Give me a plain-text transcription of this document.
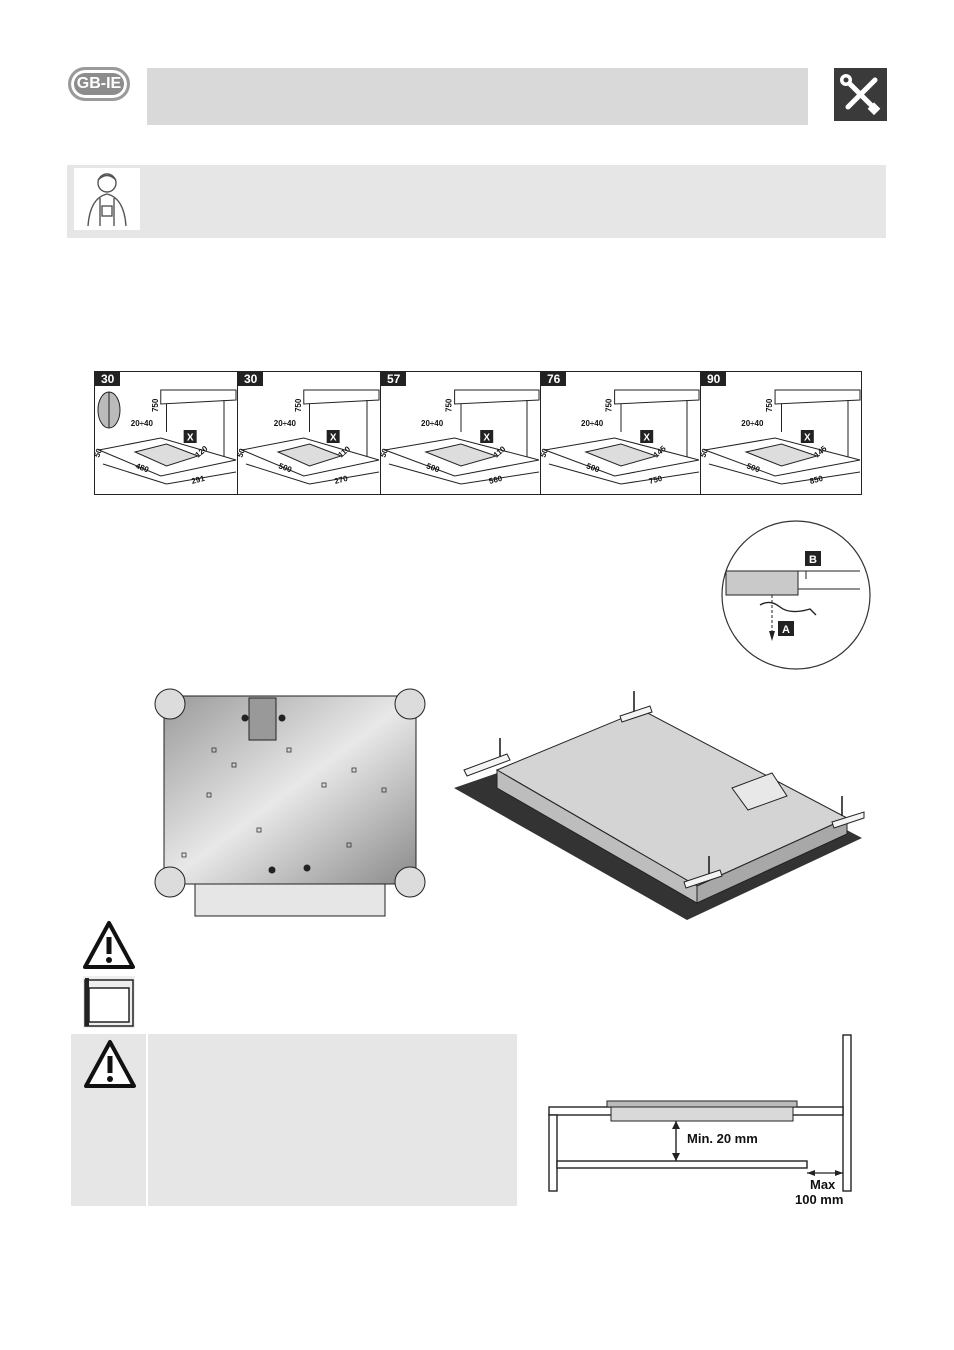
GB-IE
30
X
20÷40
750
50
480
120
291
30
X
20÷40
750
50
500
110
270
57
X
20÷40
750
50
500
110
560
76
X
20÷40
750
50
500
145
750
90
X
20÷40
750
50
500
145
850
A
B
Min. 20 mm
Max
100 mm
